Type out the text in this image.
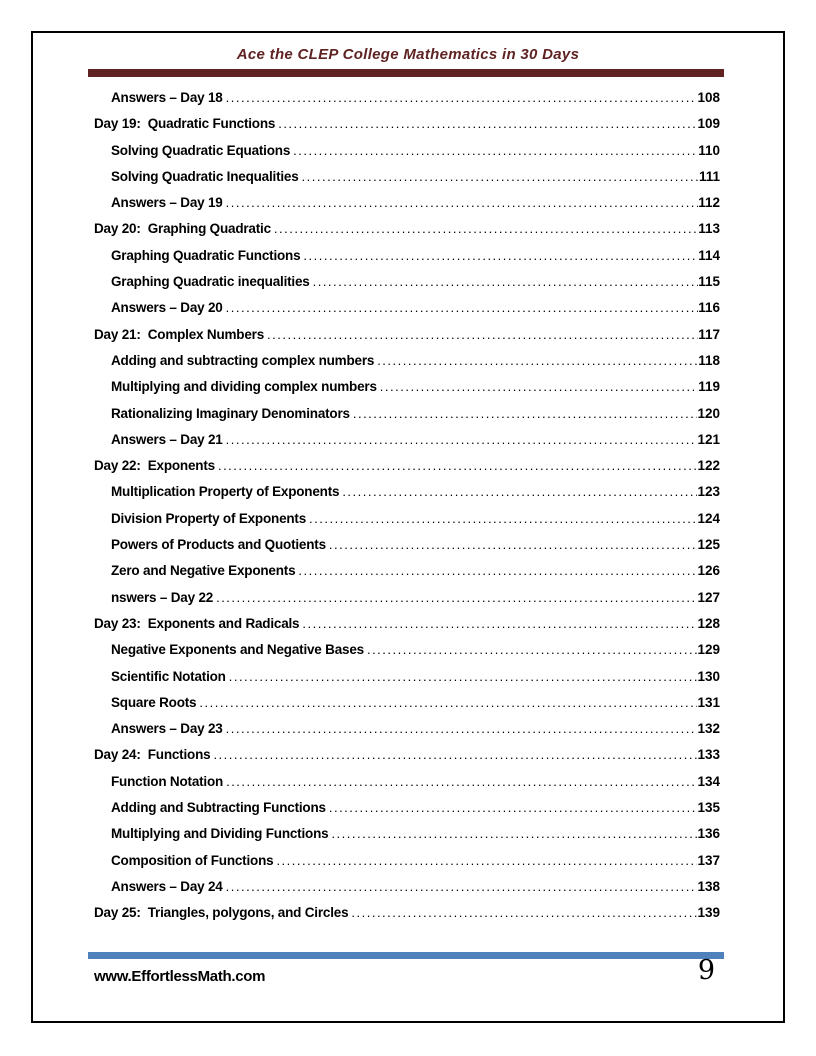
Ace the CLEP College Mathematics in 30 Days
Answers – Day 18 .....	108
Day 19:  Quadratic Functions .....	109
Solving Quadratic Equations .....	110
Solving Quadratic Inequalities .....	111
Answers – Day 19 .....	112
Day 20:  Graphing Quadratic .....	113
Graphing Quadratic Functions .....	114
Graphing Quadratic inequalities .....	115
Answers – Day 20 .....	116
Day 21:  Complex Numbers .....	117
Adding and subtracting complex numbers .....	118
Multiplying and dividing complex numbers .....	119
Rationalizing Imaginary Denominators .....	120
Answers – Day 21 .....	121
Day 22:  Exponents .....	122
Multiplication Property of Exponents .....	123
Division Property of Exponents .....	124
Powers of Products and Quotients .....	125
Zero and Negative Exponents .....	126
nswers – Day 22 .....	127
Day 23:  Exponents and Radicals .....	128
Negative Exponents and Negative Bases .....	129
Scientific Notation .....	130
Square Roots .....	131
Answers – Day 23 .....	132
Day 24:  Functions .....	133
Function Notation .....	134
Adding and Subtracting Functions .....	135
Multiplying and Dividing Functions .....	136
Composition of Functions .....	137
Answers – Day 24 .....	138
Day 25:  Triangles, polygons, and Circles .....	139
www.EffortlessMath.com	9
